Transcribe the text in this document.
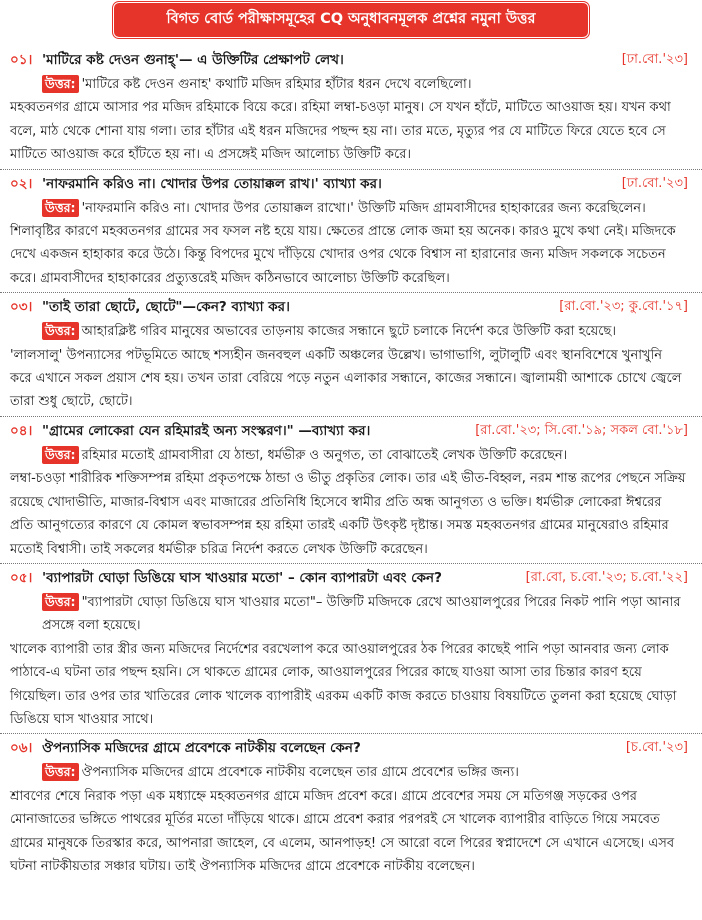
বিগত বোর্ড পরীক্ষাসমূহের CQ অনুধাবনমূলক প্রশ্নের নমুনা উত্তর
০১। 'মাটিরে কষ্ট দেওন গুনাহ্'— এ উক্তিটির প্রেক্ষাপট লেখ।	[ঢা.বো.'২৩]

উত্তর: 'মাটিরে কষ্ট দেওন গুনাহ' কথাটি মজিদ রহিমার হাঁটার ধরন দেখে বলেছিলো।

মহব্বতনগর গ্রামে আসার পর মজিদ রহিমাকে বিয়ে করে। রহিমা লম্বা-চওড়া মানুষ। সে যখন হাঁটে, মাটিতে আওয়াজ হয়। যখন কথা বলে, মাঠ থেকে শোনা যায় গলা। তার হাঁটার এই ধরন মজিদের পছন্দ হয় না। তার মতে, মৃত্যুর পর যে মাটিতে ফিরে যেতে হবে সে মাটিতে আওয়াজ করে হাঁটতে হয় না। এ প্রসঙ্গেই মজিদ আলোচ্য উক্তিটি করে।

০২। 'নাফরমানি করিও না। খোদার উপর তোয়াক্কল রাখ।' ব্যাখ্যা কর।	[ঢা.বো.'২৩]

উত্তর: 'নাফরমানি করিও না। খোদার উপর তোয়াক্কল রাখো।' উক্তিটি মজিদ গ্রামবাসীদের হাহাকারের জন্য করেছিলেন।

শিলাবৃষ্টির কারণে মহব্বতনগর গ্রামের সব ফসল নষ্ট হয়ে যায়। ক্ষেতের প্রান্তে লোক জমা হয় অনেক। কারও মুখে কথা নেই। মজিদকে দেখে একজন হাহাকার করে উঠে। কিন্তু বিপদের মুখে দাঁড়িয়ে খোদার ওপর থেকে বিশ্বাস না হারানোর জন্য মজিদ সকলকে সচেতন করে। গ্রামবাসীদের হাহাকারের প্রত্যুত্তরেই মজিদ কঠিনভাবে আলোচ্য উক্তিটি করেছিল।

০৩। "তাই তারা ছোটে, ছোটে"—কেন? ব্যাখ্যা কর।	[রা.বো.'২৩; কু.বো.'১৭]

উত্তর: আহারক্লিষ্ট গরিব মানুষের অভাবের তাড়নায় কাজের সন্ধানে ছুটে চলাকে নির্দেশ করে উক্তিটি করা হয়েছে।

'লালসালু' উপন্যাসের পটভূমিতে আছে শস্যহীন জনবহুল একটি অঞ্চলের উল্লেখ। ভাগাভাগি, লুটালুটি এবং স্থানবিশেষে খুনাখুনি করে এখানে সকল প্রয়াস শেষ হয়। তখন তারা বেরিয়ে পড়ে নতুন এলাকার সন্ধানে, কাজের সন্ধানে। জ্বালাময়ী আশাকে চোখে জ্বেলে তারা শুধু ছোটে, ছোটে।

০৪। "গ্রামের লোকেরা যেন রহিমারই অন্য সংস্করণ।" —ব্যাখ্যা কর।	[রা.বো.'২৩; সি.বো.'১৯; সকল বো.'১৮]

উত্তর: রহিমার মতোই গ্রামবাসীরা যে ঠান্ডা, ধর্মভীরু ও অনুগত, তা বোঝাতেই লেখক উক্তিটি করেছেন।

লম্বা-চওড়া শারীরিক শক্তিসম্পন্ন রহিমা প্রকৃতপক্ষে ঠান্ডা ও ভীতু প্রকৃতির লোক। তার এই ভীত-বিহ্বল, নরম শান্ত রূপের পেছনে সক্রিয় রয়েছে খোদাভীতি, মাজার-বিশ্বাস এবং মাজারের প্রতিনিধি হিসেবে স্বামীর প্রতি অন্ধ আনুগত্য ও ভক্তি। ধর্মভীরু লোকেরা ঈশ্বরের প্রতি আনুগত্যের কারণে যে কোমল স্বভাবসম্পন্ন হয় রহিমা তারই একটি উৎকৃষ্ট দৃষ্টান্ত। সমস্ত মহব্বতনগর গ্রামের মানুষেরাও রহিমার মতোই বিশ্বাসী। তাই সকলের ধর্মভীরু চরিত্র নির্দেশ করতে লেখক উক্তিটি করেছেন।

০৫। 'ব্যাপারটা ঘোড়া ডিঙিয়ে ঘাস খাওয়ার মতো' – কোন ব্যাপারটা এবং কেন?	[রা.বো, চ.বো.'২৩; চ.বো.'২২]

উত্তর: "ব্যাপারটা ঘোড়া ডিঙিয়ে ঘাস খাওয়ার মতো"– উক্তিটি মজিদকে রেখে আওয়ালপুরের পিরের নিকট পানি পড়া আনার প্রসঙ্গে বলা হয়েছে।

খালেক ব্যাপারী তার স্ত্রীর জন্য মজিদের নির্দেশের বরখেলাপ করে আওয়ালপুরের ঠক পিরের কাছেই পানি পড়া আনবার জন্য লোক পাঠাবে-এ ঘটনা তার পছন্দ হয়নি। সে থাকতে গ্রামের লোক, আওয়ালপুরের পিরের কাছে যাওয়া আসা তার চিন্তার কারণ হয়ে গিয়েছিল। তার ওপর তার খাতিরের লোক খালেক ব্যাপারীই এরকম একটি কাজ করতে চাওয়ায় বিষয়টিতে তুলনা করা হয়েছে ঘোড়া ডিঙিয়ে ঘাস খাওয়ার সাথে।

০৬। ঔপন্যাসিক মজিদের গ্রামে প্রবেশকে নাটকীয় বলেছেন কেন?	[চ.বো.'২৩]

উত্তর: ঔপন্যাসিক মজিদের গ্রামে প্রবেশকে নাটকীয় বলেছেন তার গ্রামে প্রবেশের ভঙ্গির জন্য।

শ্রাবণের শেষে নিরাক পড়া এক মধ্যাহ্নে মহব্বতনগর গ্রামে মজিদ প্রবেশ করে। গ্রামে প্রবেশের সময় সে মতিগঞ্জ সড়কের ওপর মোনাজাতের ভঙ্গিতে পাথরের মূর্তির মতো দাঁড়িয়ে থাকে। গ্রামে প্রবেশ করার পরপরই সে খালেক ব্যাপারীর বাড়িতে গিয়ে সমবেত গ্রামের মানুষকে তিরস্কার করে, আপনারা জাহেল, বে এলেম, আনপাড়হ! সে আরো বলে পিরের স্বপ্নাদেশে সে এখানে এসেছে। এসব ঘটনা নাটকীয়তার সঞ্চার ঘটায়। তাই ঔপন্যাসিক মজিদের গ্রামে প্রবেশকে নাটকীয় বলেছেন।
